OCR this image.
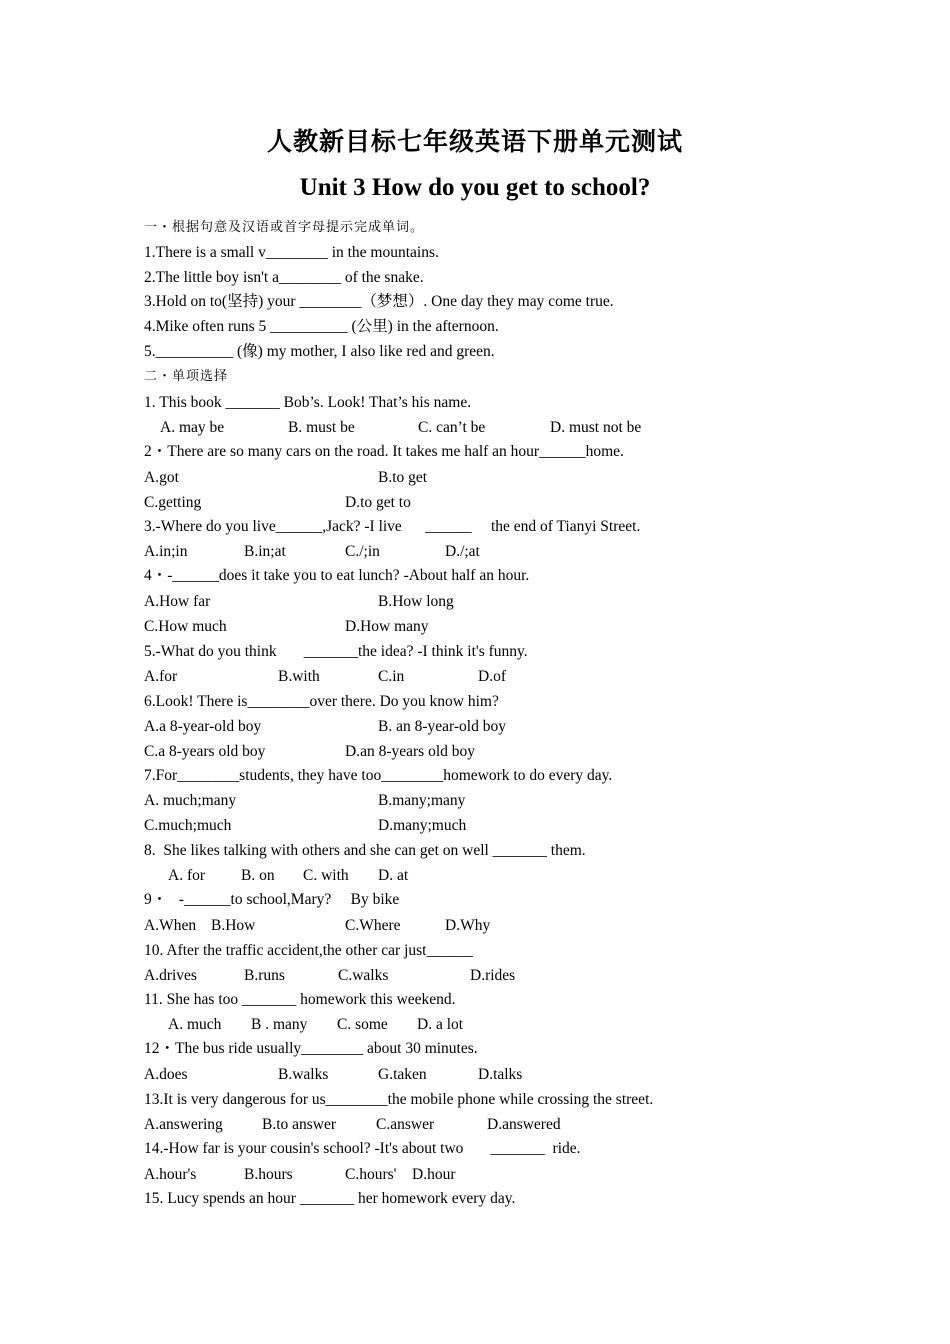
人教新目标七年级英语下册单元测试
Unit 3 How do you get to school?
一・根据句意及汉语或首字母提示完成单词。
1.There is a small v________ in the mountains.
2.The little boy isn't a________ of the snake.
3.Hold on to(坚持) your ________（梦想）. One day they may come true.
4.Mike often runs 5 __________ (公里) in the afternoon.
5.__________ (像) my mother, I also like red and green.
二・单项选择
1. This book _______ Bob’s. Look! That’s his name.
A. may be	B. must be	C. can’t be	D. must not be
2・There are so many cars on the road. It takes me half an hour______home.
A.got	B.to get
C.getting	D.to get to
3.-Where do you live______,Jack? -I live      ______     the end of Tianyi Street.
A.in;in	B.in;at	C./;in	D./;at
4・-______does it take you to eat lunch? -About half an hour.
A.How far	B.How long
C.How much	D.How many
5.-What do you think       _______the idea? -I think it's funny.
A.for	B.with	C.in	D.of
6.Look! There is________over there. Do you know him?
A.a 8-year-old boy	B. an 8-year-old boy
C.a 8-years old boy	D.an 8-years old boy
7.For________students, they have too________homework to do every day.
A. much;many	B.many;many
C.much;much	D.many;much
8.  She likes talking with others and she can get on well _______ them.
A. for B. on C. with D. at
9・   -______to school,Mary?     By bike
A.When B.How	C.Where	D.Why
10. After the traffic accident,the other car just______
A.drives	B.runs	C.walks	D.rides
11. She has too _______ homework this weekend.
A. much B . many C. some D. a lot
12・The bus ride usually________ about 30 minutes.
A.does	B.walks	G.taken	D.talks
13.It is very dangerous for us________the mobile phone while crossing the street.
A.answering	B.to answer	C.answer	D.answered
14.-How far is your cousin's school? -It's about two       _______  ride.
A.hour's	B.hours	C.hours' D.hour
15. Lucy spends an hour _______ her homework every day.
